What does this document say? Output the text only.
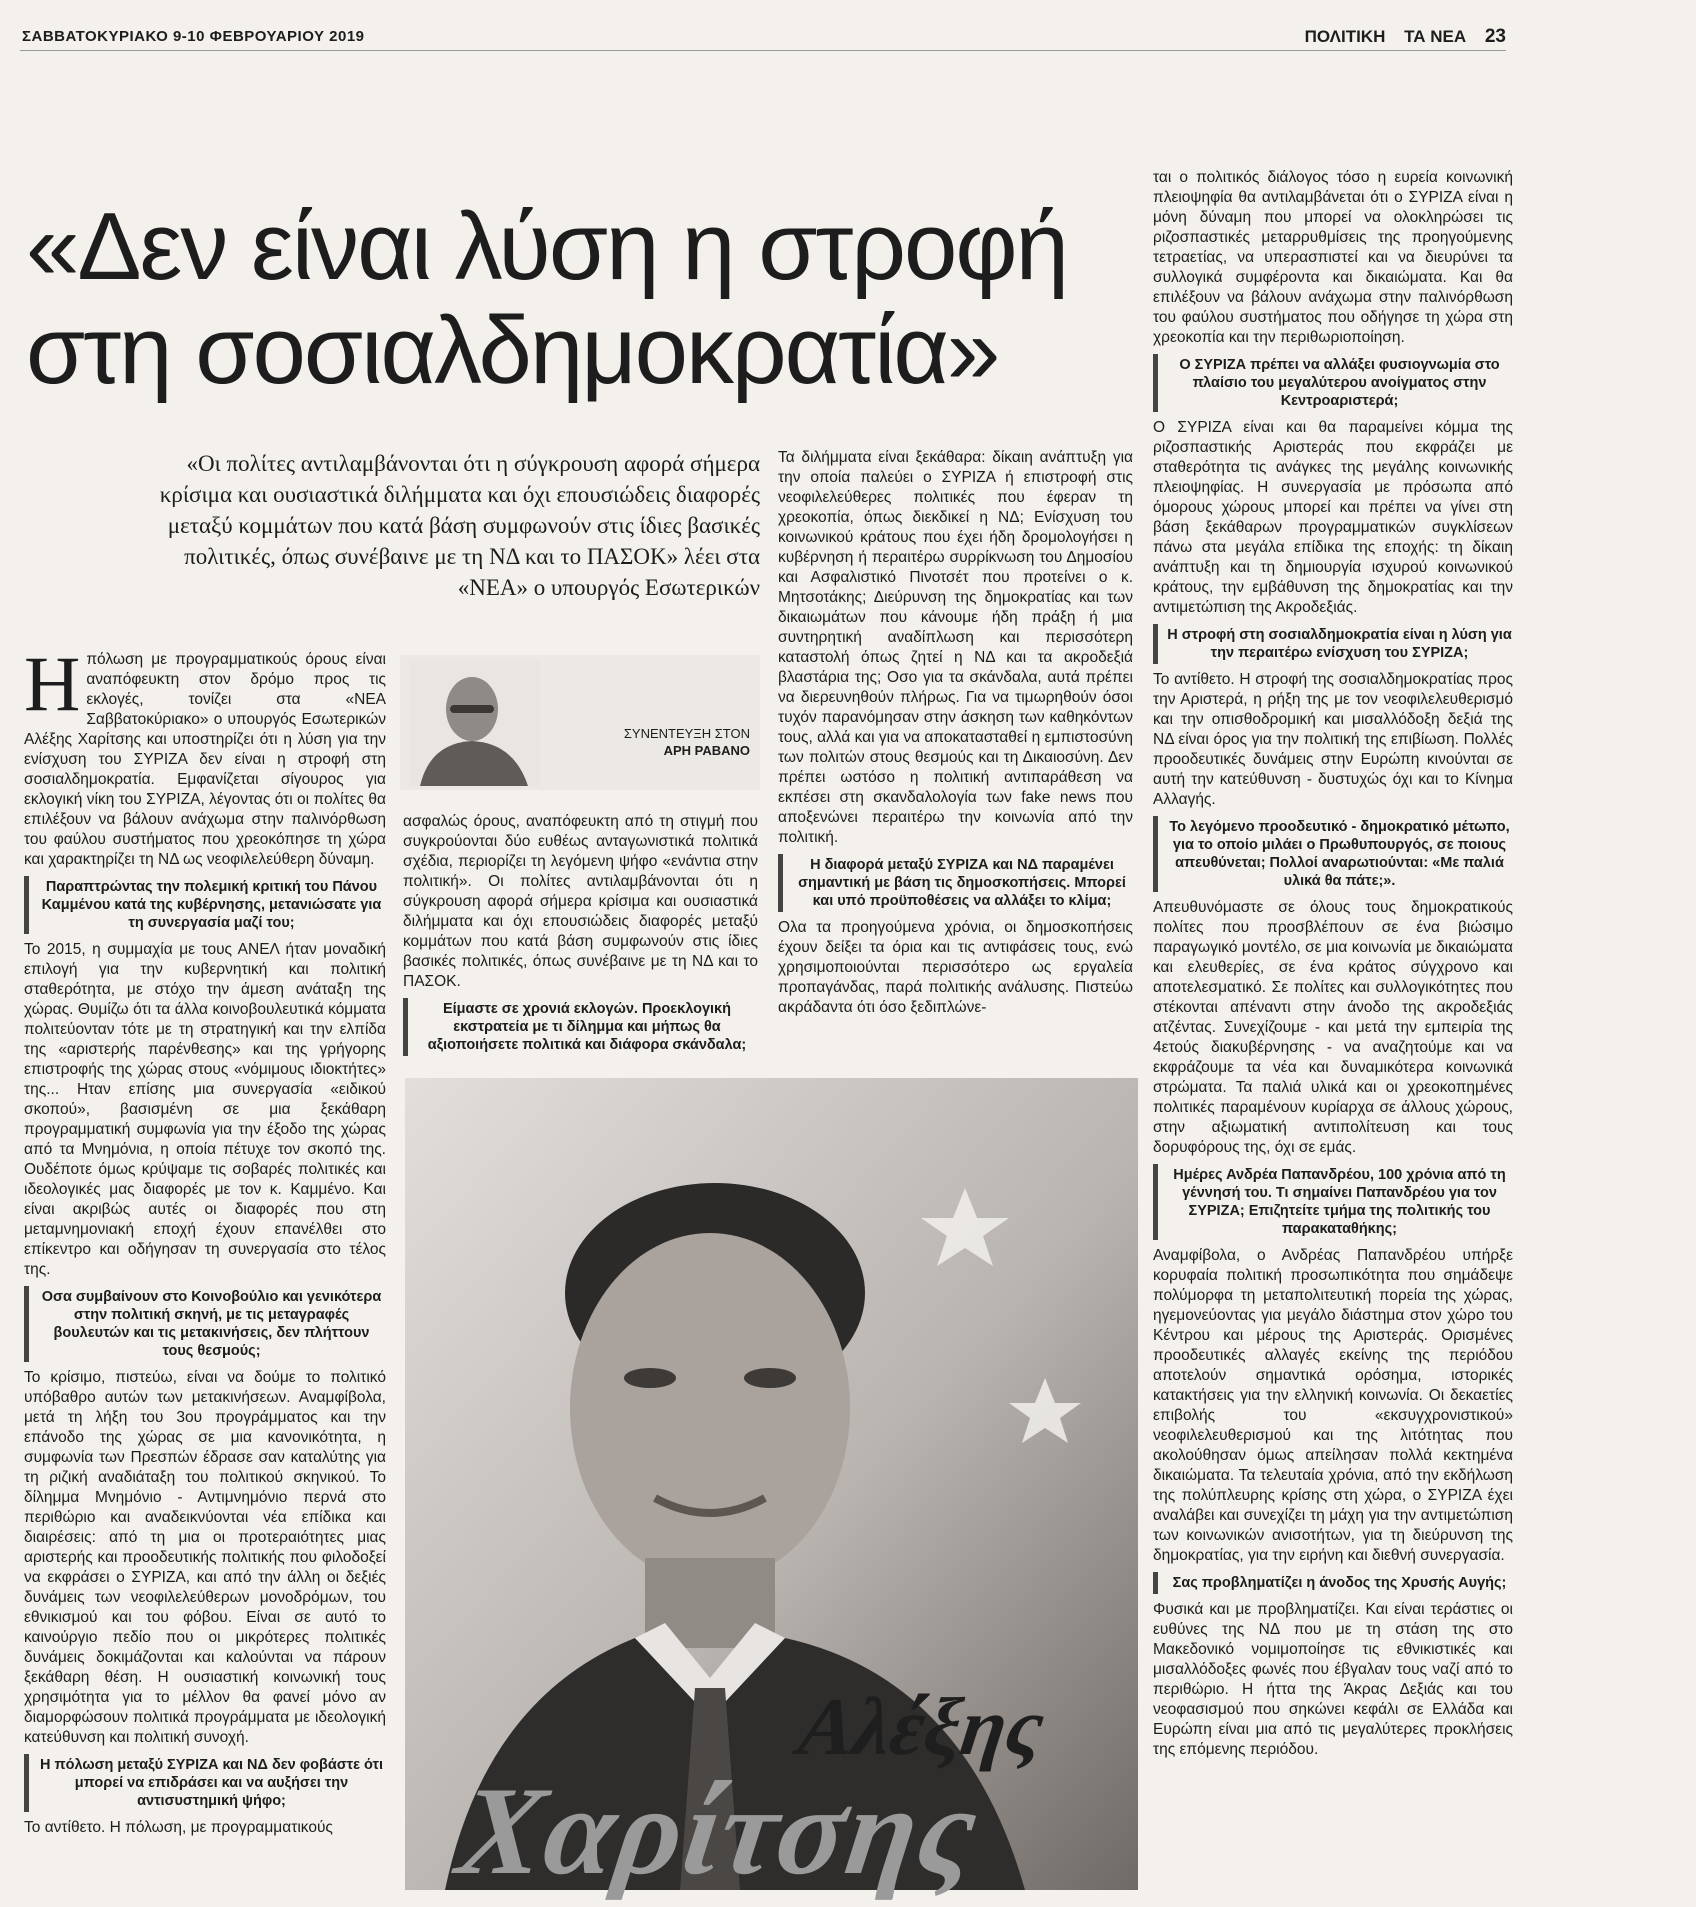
ΣΑΒΒΑΤΟΚΥΡΙΑΚΟ 9-10 ΦΕΒΡΟΥΑΡΙΟΥ 2019	ΠΟΛΙΤΙΚΗ ΤΑ ΝΕΑ 23
«Δεν είναι λύση η στροφή
στη σοσιαλδημοκρατία»
«Οι πολίτες αντιλαμβάνονται ότι η σύγκρουση αφορά σήμερα κρίσιμα και ουσιαστικά διλήμματα και όχι επουσιώδεις διαφορές μεταξύ κομμάτων που κατά βάση συμφωνούν στις ίδιες βασικές πολιτικές, όπως συνέβαινε με τη ΝΔ και το ΠΑΣΟΚ» λέει στα «ΝΕΑ» ο υπουργός Εσωτερικών

Ηπόλωση με προγραμματικούς όρους είναι αναπόφευκτη στον δρόμο προς τις εκλογές, τονίζει στα «ΝΕΑ Σαββατοκύριακο» ο υπουργός Εσωτερικών Αλέξης Χαρίτσης και υποστηρίζει ότι η λύση για την ενίσχυση του ΣΥΡΙΖΑ δεν είναι η στροφή στη σοσιαλδημοκρατία. Εμφανίζεται σίγουρος για εκλογική νίκη του ΣΥΡΙΖΑ, λέγοντας ότι οι πολίτες θα επιλέξουν να βάλουν ανάχωμα στην παλινόρθωση του φαύλου συστήματος που χρεοκόπησε τη χώρα και χαρακτηρίζει τη ΝΔ ως νεοφιλελεύθερη δύναμη.

Παραπτρώντας την πολεμική κριτική του Πάνου Καμμένου κατά της κυβέρνησης, μετανιώσατε για τη συνεργασία μαζί του;

Το 2015, η συμμαχία με τους ΑΝΕΛ ήταν μοναδική επιλογή για την κυβερνητική και πολιτική σταθερότητα, με στόχο την άμεση ανάταξη της χώρας. Θυμίζω ότι τα άλλα κοινοβουλευτικά κόμματα πολιτεύονταν τότε με τη στρατηγική και την ελπίδα της «αριστερής παρένθεσης» και της γρήγορης επιστροφής της χώρας στους «νόμιμους ιδιοκτήτες» της... Ηταν επίσης μια συνεργασία «ειδικού σκοπού», βασισμένη σε μια ξεκάθαρη προγραμματική συμφωνία για την έξοδο της χώρας από τα Μνημόνια, η οποία πέτυχε τον σκοπό της. Ουδέποτε όμως κρύψαμε τις σοβαρές πολιτικές και ιδεολογικές μας διαφορές με τον κ. Καμμένο. Και είναι ακριβώς αυτές οι διαφορές που στη μεταμνημονιακή εποχή έχουν επανέλθει στο επίκεντρο και οδήγησαν τη συνεργασία στο τέλος της.

Οσα συμβαίνουν στο Κοινοβούλιο και γενικότερα στην πολιτική σκηνή, με τις μεταγραφές βουλευτών και τις μετακινήσεις, δεν πλήττουν τους θεσμούς;

Το κρίσιμο, πιστεύω, είναι να δούμε το πολιτικό υπόβαθρο αυτών των μετακινήσεων. Αναμφίβολα, μετά τη λήξη του 3ου προγράμματος και την επάνοδο της χώρας σε μια κανονικότητα, η συμφωνία των Πρεσπών έδρασε σαν καταλύτης για τη ριζική αναδιάταξη του πολιτικού σκηνικού. Το δίλημμα Μνημόνιο - Αντιμνημόνιο περνά στο περιθώριο και αναδεικνύονται νέα επίδικα και διαιρέσεις: από τη μια οι προτεραιότητες μιας αριστερής και προοδευτικής πολιτικής που φιλοδοξεί να εκφράσει ο ΣΥΡΙΖΑ, και από την άλλη οι δεξιές δυνάμεις των νεοφιλελεύθερων μονοδρόμων, του εθνικισμού και του φόβου. Είναι σε αυτό το καινούργιο πεδίο που οι μικρότερες πολιτικές δυνάμεις δοκιμάζονται και καλούνται να πάρουν ξεκάθαρη θέση. Η ουσιαστική κοινωνική τους χρησιμότητα για το μέλλον θα φανεί μόνο αν διαμορφώσουν πολιτικά προγράμματα με ιδεολογική κατεύθυνση και πολιτική συνοχή.

Η πόλωση μεταξύ ΣΥΡΙΖΑ και ΝΔ δεν φοβάστε ότι μπορεί να επιδράσει και να αυξήσει την αντισυστημική ψήφο;

Το αντίθετο. Η πόλωση, με προγραμματικούς

ΣΥΝΕΝΤΕΥΞΗ ΣΤΟΝ
ΑΡΗ ΡΑΒΑΝΟ

ασφαλώς όρους, αναπόφευκτη από τη στιγμή που συγκρούονται δύο ευθέως ανταγωνιστικά πολιτικά σχέδια, περιορίζει τη λεγόμενη ψήφο «ενάντια στην πολιτική». Οι πολίτες αντιλαμβάνονται ότι η σύγκρουση αφορά σήμερα κρίσιμα και ουσιαστικά διλήμματα και όχι επουσιώδεις διαφορές μεταξύ κομμάτων που κατά βάση συμφωνούν στις ίδιες βασικές πολιτικές, όπως συνέβαινε με τη ΝΔ και το ΠΑΣΟΚ.

Είμαστε σε χρονιά εκλογών. Προεκλογική εκστρατεία με τι δίλημμα και μήπως θα αξιοποιήσετε πολιτικά και διάφορα σκάνδαλα;

Τα διλήμματα είναι ξεκάθαρα: δίκαιη ανάπτυξη για την οποία παλεύει ο ΣΥΡΙΖΑ ή επιστροφή στις νεοφιλελεύθερες πολιτικές που έφεραν τη χρεοκοπία, όπως διεκδικεί η ΝΔ; Ενίσχυση του κοινωνικού κράτους που έχει ήδη δρομολογήσει η κυβέρνηση ή περαιτέρω συρρίκνωση του Δημοσίου και Ασφαλιστικό Πινοτσέτ που προτείνει ο κ. Μητσοτάκης; Διεύρυνση της δημοκρατίας και των δικαιωμάτων που κάνουμε ήδη πράξη ή μια συντηρητική αναδίπλωση και περισσότερη καταστολή όπως ζητεί η ΝΔ και τα ακροδεξιά βλαστάρια της; Οσο για τα σκάνδαλα, αυτά πρέπει να διερευνηθούν πλήρως. Για να τιμωρηθούν όσοι τυχόν παρανόμησαν στην άσκηση των καθηκόντων τους, αλλά και για να αποκατασταθεί η εμπιστοσύνη των πολιτών στους θεσμούς και τη Δικαιοσύνη. Δεν πρέπει ωστόσο η πολιτική αντιπαράθεση να εκπέσει στη σκανδαλολογία των fake news που αποξενώνει περαιτέρω την κοινωνία από την πολιτική.

Η διαφορά μεταξύ ΣΥΡΙΖΑ και ΝΔ παραμένει σημαντική με βάση τις δημοσκοπήσεις. Μπορεί και υπό προϋποθέσεις να αλλάξει το κλίμα;

Ολα τα προηγούμενα χρόνια, οι δημοσκοπήσεις έχουν δείξει τα όρια και τις αντιφάσεις τους, ενώ χρησιμοποιούνται περισσότερο ως εργαλεία προπαγάνδας, παρά πολιτικής ανάλυσης. Πιστεύω ακράδαντα ότι όσο ξεδιπλώνε-

ται ο πολιτικός διάλογος τόσο η ευρεία κοινωνική πλειοψηφία θα αντιλαμβάνεται ότι ο ΣΥΡΙΖΑ είναι η μόνη δύναμη που μπορεί να ολοκληρώσει τις ριζοσπαστικές μεταρρυθμίσεις της προηγούμενης τετραετίας, να υπερασπιστεί και να διευρύνει τα συλλογικά συμφέροντα και δικαιώματα. Και θα επιλέξουν να βάλουν ανάχωμα στην παλινόρθωση του φαύλου συστήματος που οδήγησε τη χώρα στη χρεοκοπία και την περιθωριοποίηση.

Ο ΣΥΡΙΖΑ πρέπει να αλλάξει φυσιογνωμία στο πλαίσιο του μεγαλύτερου ανοίγματος στην Κεντροαριστερά;

Ο ΣΥΡΙΖΑ είναι και θα παραμείνει κόμμα της ριζοσπαστικής Αριστεράς που εκφράζει με σταθερότητα τις ανάγκες της μεγάλης κοινωνικής πλειοψηφίας. Η συνεργασία με πρόσωπα από όμορους χώρους μπορεί και πρέπει να γίνει στη βάση ξεκάθαρων προγραμματικών συγκλίσεων πάνω στα μεγάλα επίδικα της εποχής: τη δίκαιη ανάπτυξη και τη δημιουργία ισχυρού κοινωνικού κράτους, την εμβάθυνση της δημοκρατίας και την αντιμετώπιση της Ακροδεξιάς.

Η στροφή στη σοσιαλδημοκρατία είναι η λύση για την περαιτέρω ενίσχυση του ΣΥΡΙΖΑ;

Το αντίθετο. Η στροφή της σοσιαλδημοκρατίας προς την Αριστερά, η ρήξη της με τον νεοφιλελευθερισμό και την οπισθοδρομική και μισαλλόδοξη δεξιά της ΝΔ είναι όρος για την πολιτική της επιβίωση. Πολλές προοδευτικές δυνάμεις στην Ευρώπη κινούνται σε αυτή την κατεύθυνση - δυστυχώς όχι και το Κίνημα Αλλαγής.

Το λεγόμενο προοδευτικό - δημοκρατικό μέτωπο, για το οποίο μιλάει ο Πρωθυπουργός, σε ποιους απευθύνεται; Πολλοί αναρωτιούνται: «Με παλιά υλικά θα πάτε;».

Απευθυνόμαστε σε όλους τους δημοκρατικούς πολίτες που προσβλέπουν σε ένα βιώσιμο παραγωγικό μοντέλο, σε μια κοινωνία με δικαιώματα και ελευθερίες, σε ένα κράτος σύγχρονο και αποτελεσματικό. Σε πολίτες και συλλογικότητες που στέκονται απέναντι στην άνοδο της ακροδεξιάς ατζέντας. Συνεχίζουμε - και μετά την εμπειρία της 4ετούς διακυβέρνησης - να αναζητούμε και να εκφράζουμε τα νέα και δυναμικότερα κοινωνικά στρώματα. Τα παλιά υλικά και οι χρεοκοπημένες πολιτικές παραμένουν κυρίαρχα σε άλλους χώρους, στην αξιωματική αντιπολίτευση και τους δορυφόρους της, όχι σε εμάς.

Ημέρες Ανδρέα Παπανδρέου, 100 χρόνια από τη γέννησή του. Τι σημαίνει Παπανδρέου για τον ΣΥΡΙΖΑ; Επιζητείτε τμήμα της πολιτικής του παρακαταθήκης;

Αναμφίβολα, ο Ανδρέας Παπανδρέου υπήρξε κορυφαία πολιτική προσωπικότητα που σημάδεψε πολύμορφα τη μεταπολιτευτική πορεία της χώρας, ηγεμονεύοντας για μεγάλο διάστημα στον χώρο του Κέντρου και μέρους της Αριστεράς. Ορισμένες προοδευτικές αλλαγές εκείνης της περιόδου αποτελούν σημαντικά ορόσημα, ιστορικές κατακτήσεις για την ελληνική κοινωνία. Οι δεκαετίες επιβολής του «εκσυγχρονιστικού» νεοφιλελευθερισμού και της λιτότητας που ακολούθησαν όμως απείλησαν πολλά κεκτημένα δικαιώματα. Τα τελευταία χρόνια, από την εκδήλωση της πολύπλευρης κρίσης στη χώρα, ο ΣΥΡΙΖΑ έχει αναλάβει και συνεχίζει τη μάχη για την αντιμετώπιση των κοινωνικών ανισοτήτων, για τη διεύρυνση της δημοκρατίας, για την ειρήνη και διεθνή συνεργασία.

Σας προβληματίζει η άνοδος της Χρυσής Αυγής;

Φυσικά και με προβληματίζει. Και είναι τεράστιες οι ευθύνες της ΝΔ που με τη στάση της στο Μακεδονικό νομιμοποίησε τις εθνικιστικές και μισαλλόδοξες φωνές που έβγαλαν τους ναζί από το περιθώριο. Η ήττα της Άκρας Δεξιάς και του νεοφασισμού που σηκώνει κεφάλι σε Ελλάδα και Ευρώπη είναι μια από τις μεγαλύτερες προκλήσεις της επόμενης περιόδου.

Αλέξης
Χαρίτσης
